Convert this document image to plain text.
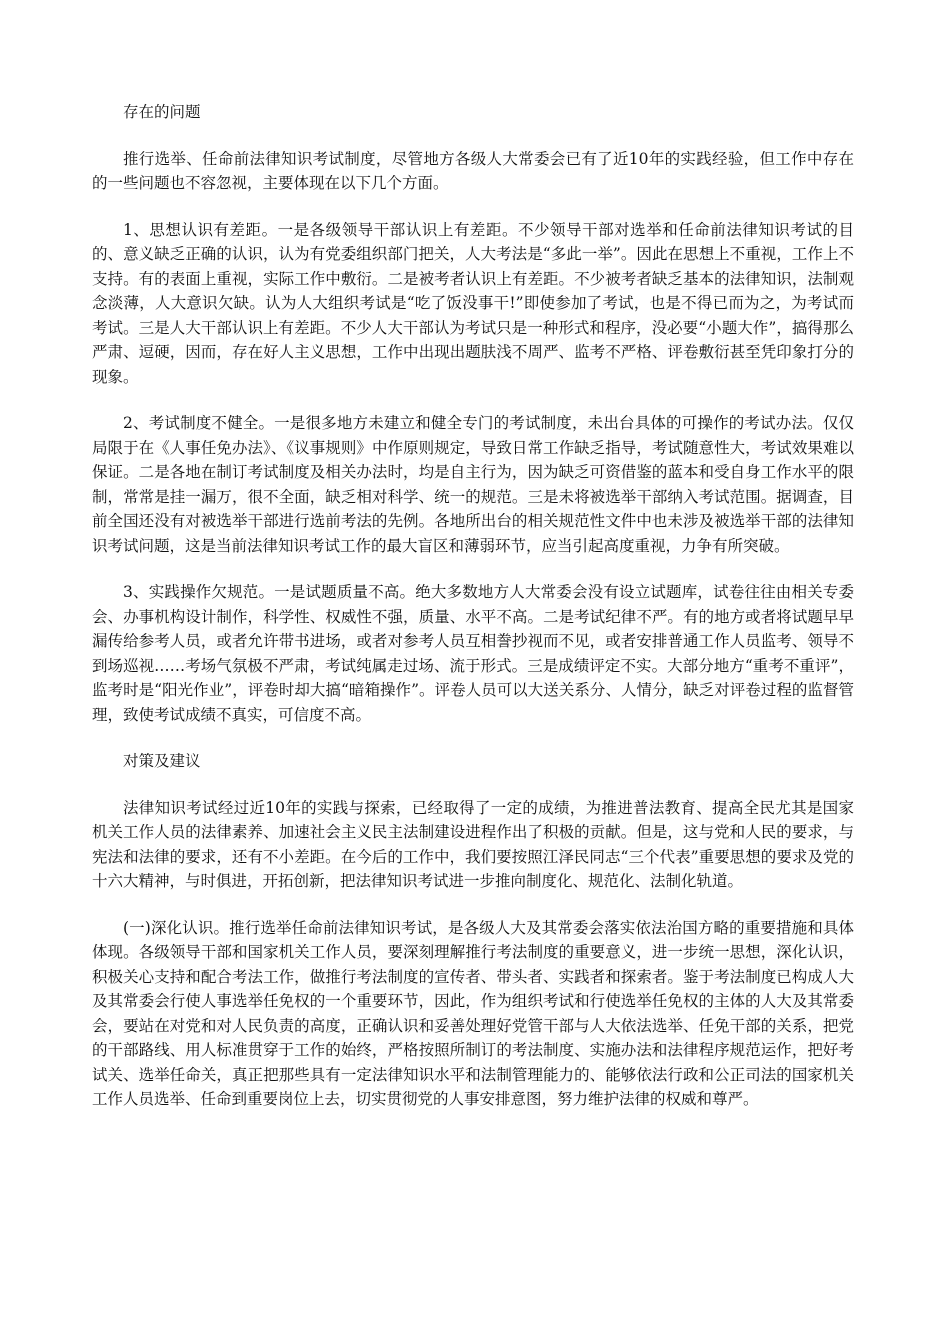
存在的问题

推行选举、任命前法律知识考试制度，尽管地方各级人大常委会已有了近10年的实践经验，但工作中存在的一些问题也不容忽视，主要体现在以下几个方面。

1、思想认识有差距。一是各级领导干部认识上有差距。不少领导干部对选举和任命前法律知识考试的目的、意义缺乏正确的认识，认为有党委组织部门把关，人大考法是“多此一举”。因此在思想上不重视，工作上不支持。有的表面上重视，实际工作中敷衍。二是被考者认识上有差距。不少被考者缺乏基本的法律知识，法制观念淡薄，人大意识欠缺。认为人大组织考试是“吃了饭没事干!”即使参加了考试，也是不得已而为之，为考试而考试。三是人大干部认识上有差距。不少人大干部认为考试只是一种形式和程序，没必要“小题大作”，搞得那么严肃、逗硬，因而，存在好人主义思想，工作中出现出题肤浅不周严、监考不严格、评卷敷衍甚至凭印象打分的现象。

2、考试制度不健全。一是很多地方未建立和健全专门的考试制度，未出台具体的可操作的考试办法。仅仅局限于在《人事任免办法》、《议事规则》中作原则规定，导致日常工作缺乏指导，考试随意性大，考试效果难以保证。二是各地在制订考试制度及相关办法时，均是自主行为，因为缺乏可资借鉴的蓝本和受自身工作水平的限制，常常是挂一漏万，很不全面，缺乏相对科学、统一的规范。三是未将被选举干部纳入考试范围。据调查，目前全国还没有对被选举干部进行选前考法的先例。各地所出台的相关规范性文件中也未涉及被选举干部的法律知识考试问题，这是当前法律知识考试工作的最大盲区和薄弱环节，应当引起高度重视，力争有所突破。

3、实践操作欠规范。一是试题质量不高。绝大多数地方人大常委会没有设立试题库，试卷往往由相关专委会、办事机构设计制作，科学性、权威性不强，质量、水平不高。二是考试纪律不严。有的地方或者将试题早早漏传给参考人员，或者允许带书进场，或者对参考人员互相誊抄视而不见，或者安排普通工作人员监考、领导不到场巡视……考场气氛极不严肃，考试纯属走过场、流于形式。三是成绩评定不实。大部分地方“重考不重评”，监考时是“阳光作业”，评卷时却大搞“暗箱操作”。评卷人员可以大送关系分、人情分，缺乏对评卷过程的监督管理，致使考试成绩不真实，可信度不高。

对策及建议

法律知识考试经过近10年的实践与探索，已经取得了一定的成绩，为推进普法教育、提高全民尤其是国家机关工作人员的法律素养、加速社会主义民主法制建设进程作出了积极的贡献。但是，这与党和人民的要求，与宪法和法律的要求，还有不小差距。在今后的工作中，我们要按照江泽民同志“三个代表”重要思想的要求及党的十六大精神，与时俱进，开拓创新，把法律知识考试进一步推向制度化、规范化、法制化轨道。

(一)深化认识。推行选举任命前法律知识考试，是各级人大及其常委会落实依法治国方略的重要措施和具体体现。各级领导干部和国家机关工作人员，要深刻理解推行考法制度的重要意义，进一步统一思想，深化认识，积极关心支持和配合考法工作，做推行考法制度的宣传者、带头者、实践者和探索者。鉴于考法制度已构成人大及其常委会行使人事选举任免权的一个重要环节，因此，作为组织考试和行使选举任免权的主体的人大及其常委会，要站在对党和对人民负责的高度，正确认识和妥善处理好党管干部与人大依法选举、任免干部的关系，把党的干部路线、用人标准贯穿于工作的始终，严格按照所制订的考法制度、实施办法和法律程序规范运作，把好考试关、选举任命关，真正把那些具有一定法律知识水平和法制管理能力的、能够依法行政和公正司法的国家机关工作人员选举、任命到重要岗位上去，切实贯彻党的人事安排意图，努力维护法律的权威和尊严。
